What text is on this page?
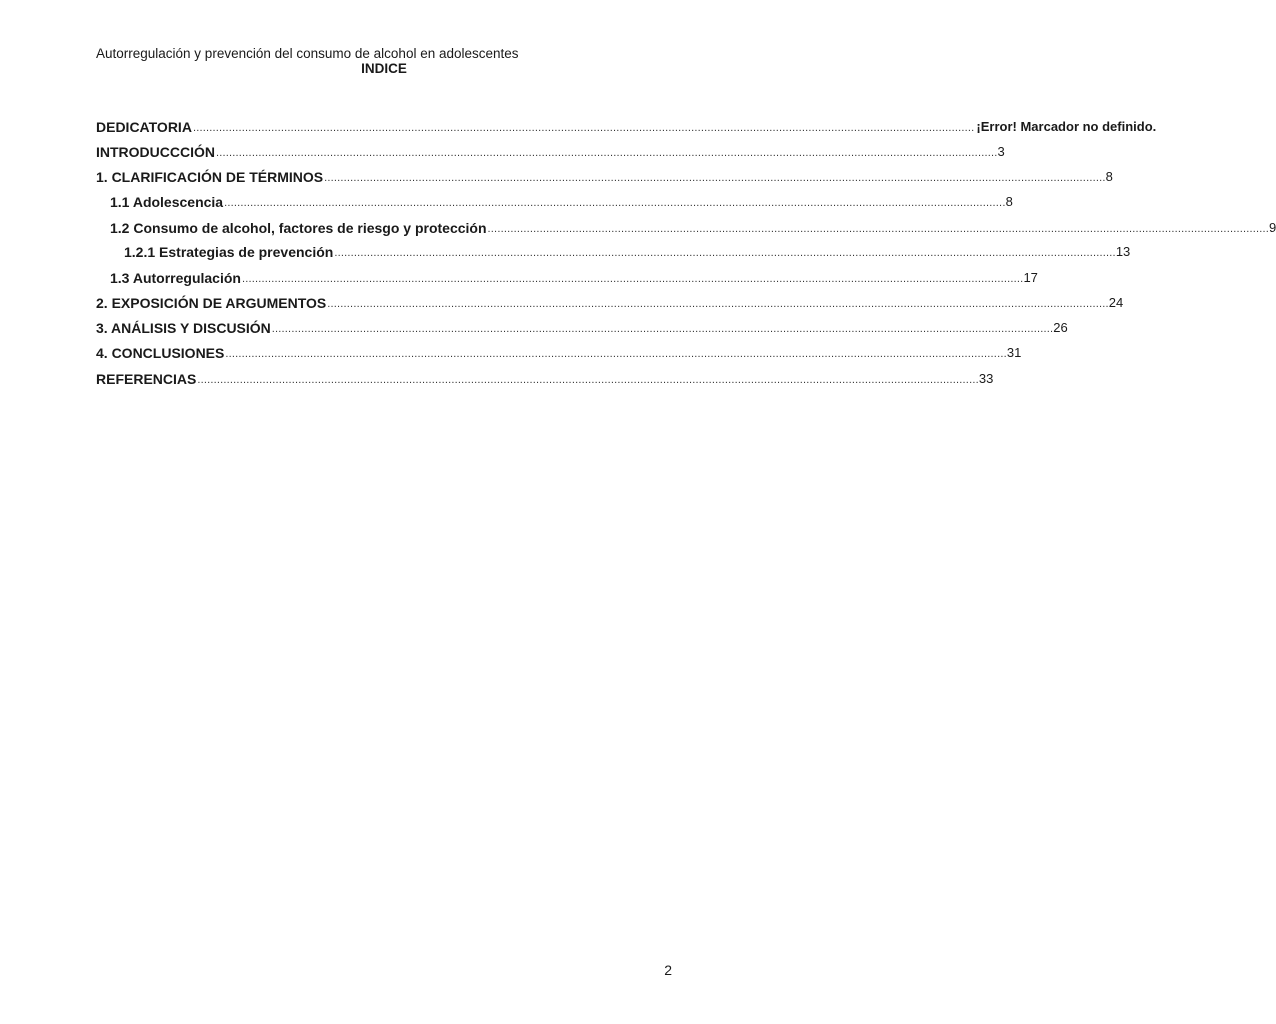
Autorregulación y prevención del consumo de alcohol en adolescentes
INDICE
DEDICATORIA ................................................................................................................................................................................................................................................ ¡Error! Marcador no definido.
INTRODUCCCIÓN ................................................................................................................................................................................................................................................ 3
1. CLARIFICACIÓN DE TÉRMINOS ................................................................................................................................................................................................................................................ 8
1.1 Adolescencia ................................................................................................................................................................................................................................................ 8
1.2 Consumo de alcohol, factores de riesgo y protección ................................................................................................................................................................................................................................................ 9
1.2.1 Estrategias de prevención ................................................................................................................................................................................................................................................ 13
1.3 Autorregulación ................................................................................................................................................................................................................................................ 17
2. EXPOSICIÓN DE ARGUMENTOS ................................................................................................................................................................................................................................................ 24
3. ANÁLISIS Y DISCUSIÓN ................................................................................................................................................................................................................................................ 26
4. CONCLUSIONES ................................................................................................................................................................................................................................................ 31
REFERENCIAS ................................................................................................................................................................................................................................................ 33
2
